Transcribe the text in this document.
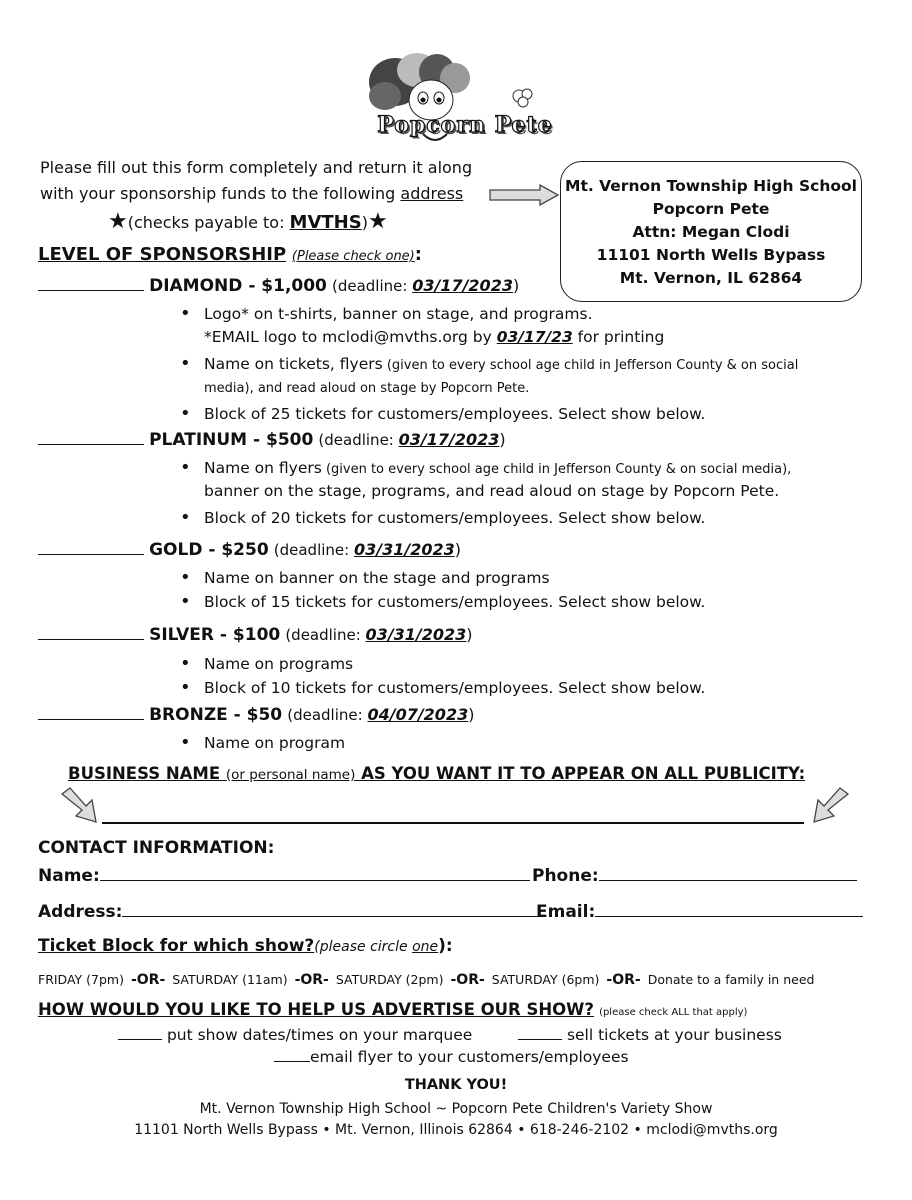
Popcorn Pete
Please fill out this form completely and return it along
with your sponsorship funds to the following address
★(checks payable to: MVTHS)★
Mt. Vernon Township High School
Popcorn Pete
Attn: Megan Clodi
11101 North Wells Bypass
Mt. Vernon, IL 62864
LEVEL OF SPONSORSHIP (Please check one):
DIAMOND - $1,000 (deadline: 03/17/2023)
• Logo* on t-shirts, banner on stage, and programs.
*EMAIL logo to mclodi@mvths.org by 03/17/23 for printing
• Name on tickets, flyers (given to every school age child in Jefferson County & on social
media), and read aloud on stage by Popcorn Pete.
• Block of 25 tickets for customers/employees. Select show below.
PLATINUM - $500 (deadline: 03/17/2023)
• Name on flyers (given to every school age child in Jefferson County & on social media),
banner on the stage, programs, and read aloud on stage by Popcorn Pete.
• Block of 20 tickets for customers/employees. Select show below.
GOLD - $250 (deadline: 03/31/2023)
• Name on banner on the stage and programs
• Block of 15 tickets for customers/employees. Select show below.
SILVER - $100 (deadline: 03/31/2023)
• Name on programs
• Block of 10 tickets for customers/employees. Select show below.
BRONZE - $50 (deadline: 04/07/2023)
• Name on program
BUSINESS NAME (or personal name) AS YOU WANT IT TO APPEAR ON ALL PUBLICITY:
CONTACT INFORMATION:
Name:	Phone:
Address:	Email:
Ticket Block for which show?(please circle one):
FRIDAY (7pm) -OR- SATURDAY (11am) -OR- SATURDAY (2pm) -OR- SATURDAY (6pm) -OR- Donate to a family in need
HOW WOULD YOU LIKE TO HELP US ADVERTISE OUR SHOW? (please check ALL that apply)
put show dates/times on your marquee	sell tickets at your business
email flyer to your customers/employees
THANK YOU!
Mt. Vernon Township High School ~ Popcorn Pete Children's Variety Show
11101 North Wells Bypass • Mt. Vernon, Illinois 62864 • 618-246-2102 • mclodi@mvths.org
